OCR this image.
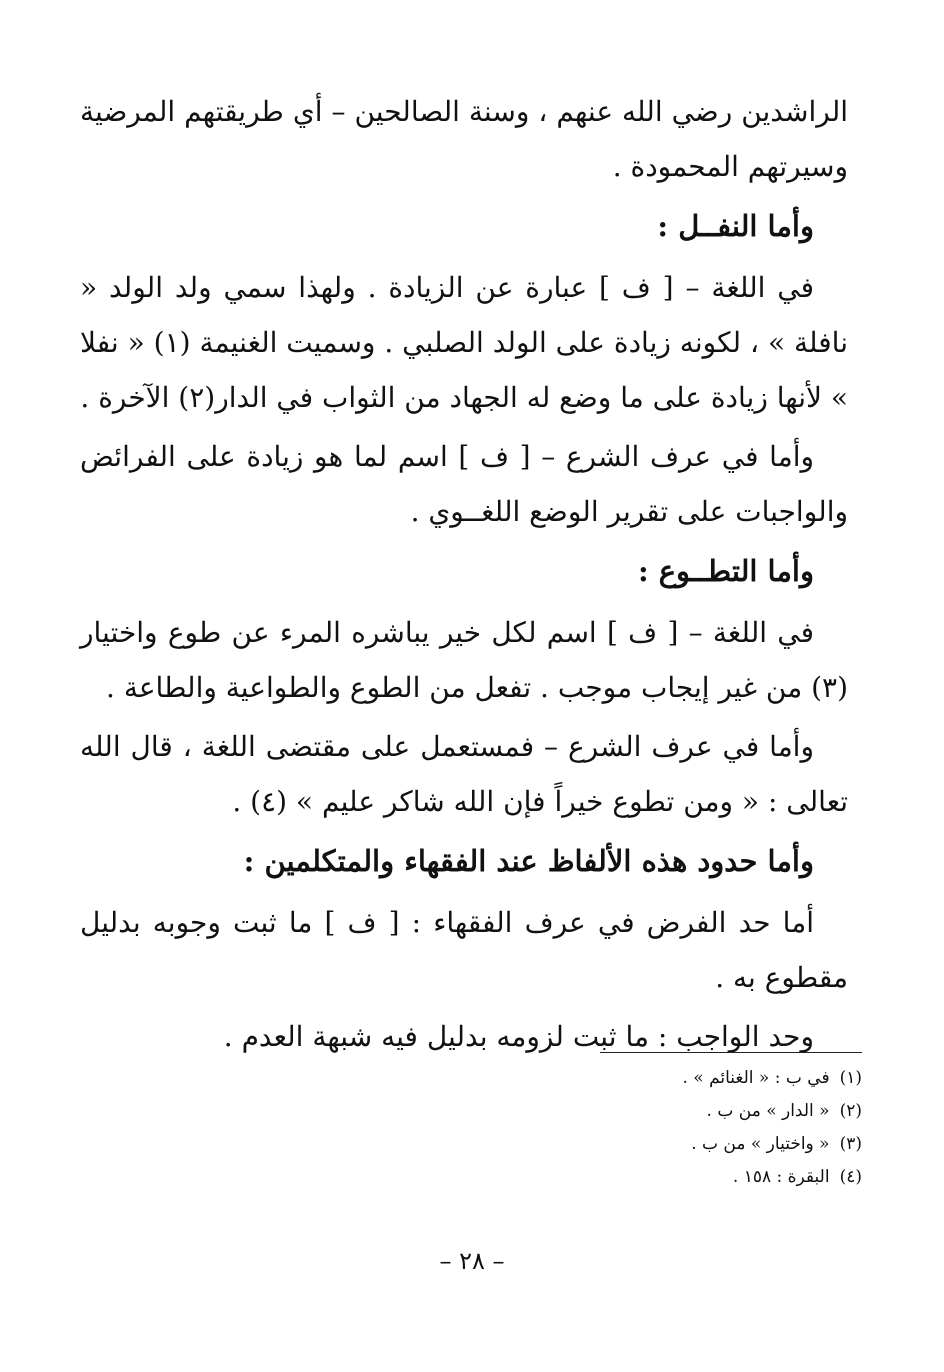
الراشدين رضي الله عنهم ، وسنة الصالحين – أي طريقتهم المرضية وسيرتهم المحمودة .

وأما النفــل :

في اللغة – [ ف ] عبارة عن الزيادة . ولهذا سمي ولد الولد « نافلة » ، لكونه زيادة على الولد الصلبي . وسميت الغنيمة (١) « نفلا » لأنها زيادة على ما وضع له الجهاد من الثواب في الدار(٢) الآخرة .

وأما في عرف الشرع – [ ف ] اسم لما هو زيادة على الفرائض والواجبات على تقرير الوضع اللغــوي .

وأما التطــوع :

في اللغة – [ ف ] اسم لكل خير يباشره المرء عن طوع واختيار (٣) من غير إيجاب موجب . تفعل من الطوع والطواعية والطاعة .

وأما في عرف الشرع – فمستعمل على مقتضى اللغة ، قال الله تعالى : « ومن تطوع خيراً فإن الله شاكر عليم » (٤) .

وأما حدود هذه الألفاظ عند الفقهاء والمتكلمين :

أما حد الفرض في عرف الفقهاء : [ ف ] ما ثبت وجوبه بدليل مقطوع به .

وحد الواجب : ما ثبت لزومه بدليل فيه شبهة العدم .

(١)في ب : « الغنائم » .
(٢)« الدار » من ب .
(٣)« واختيار » من ب .
(٤)البقرة : ١٥٨ .
– ٢٨ –
